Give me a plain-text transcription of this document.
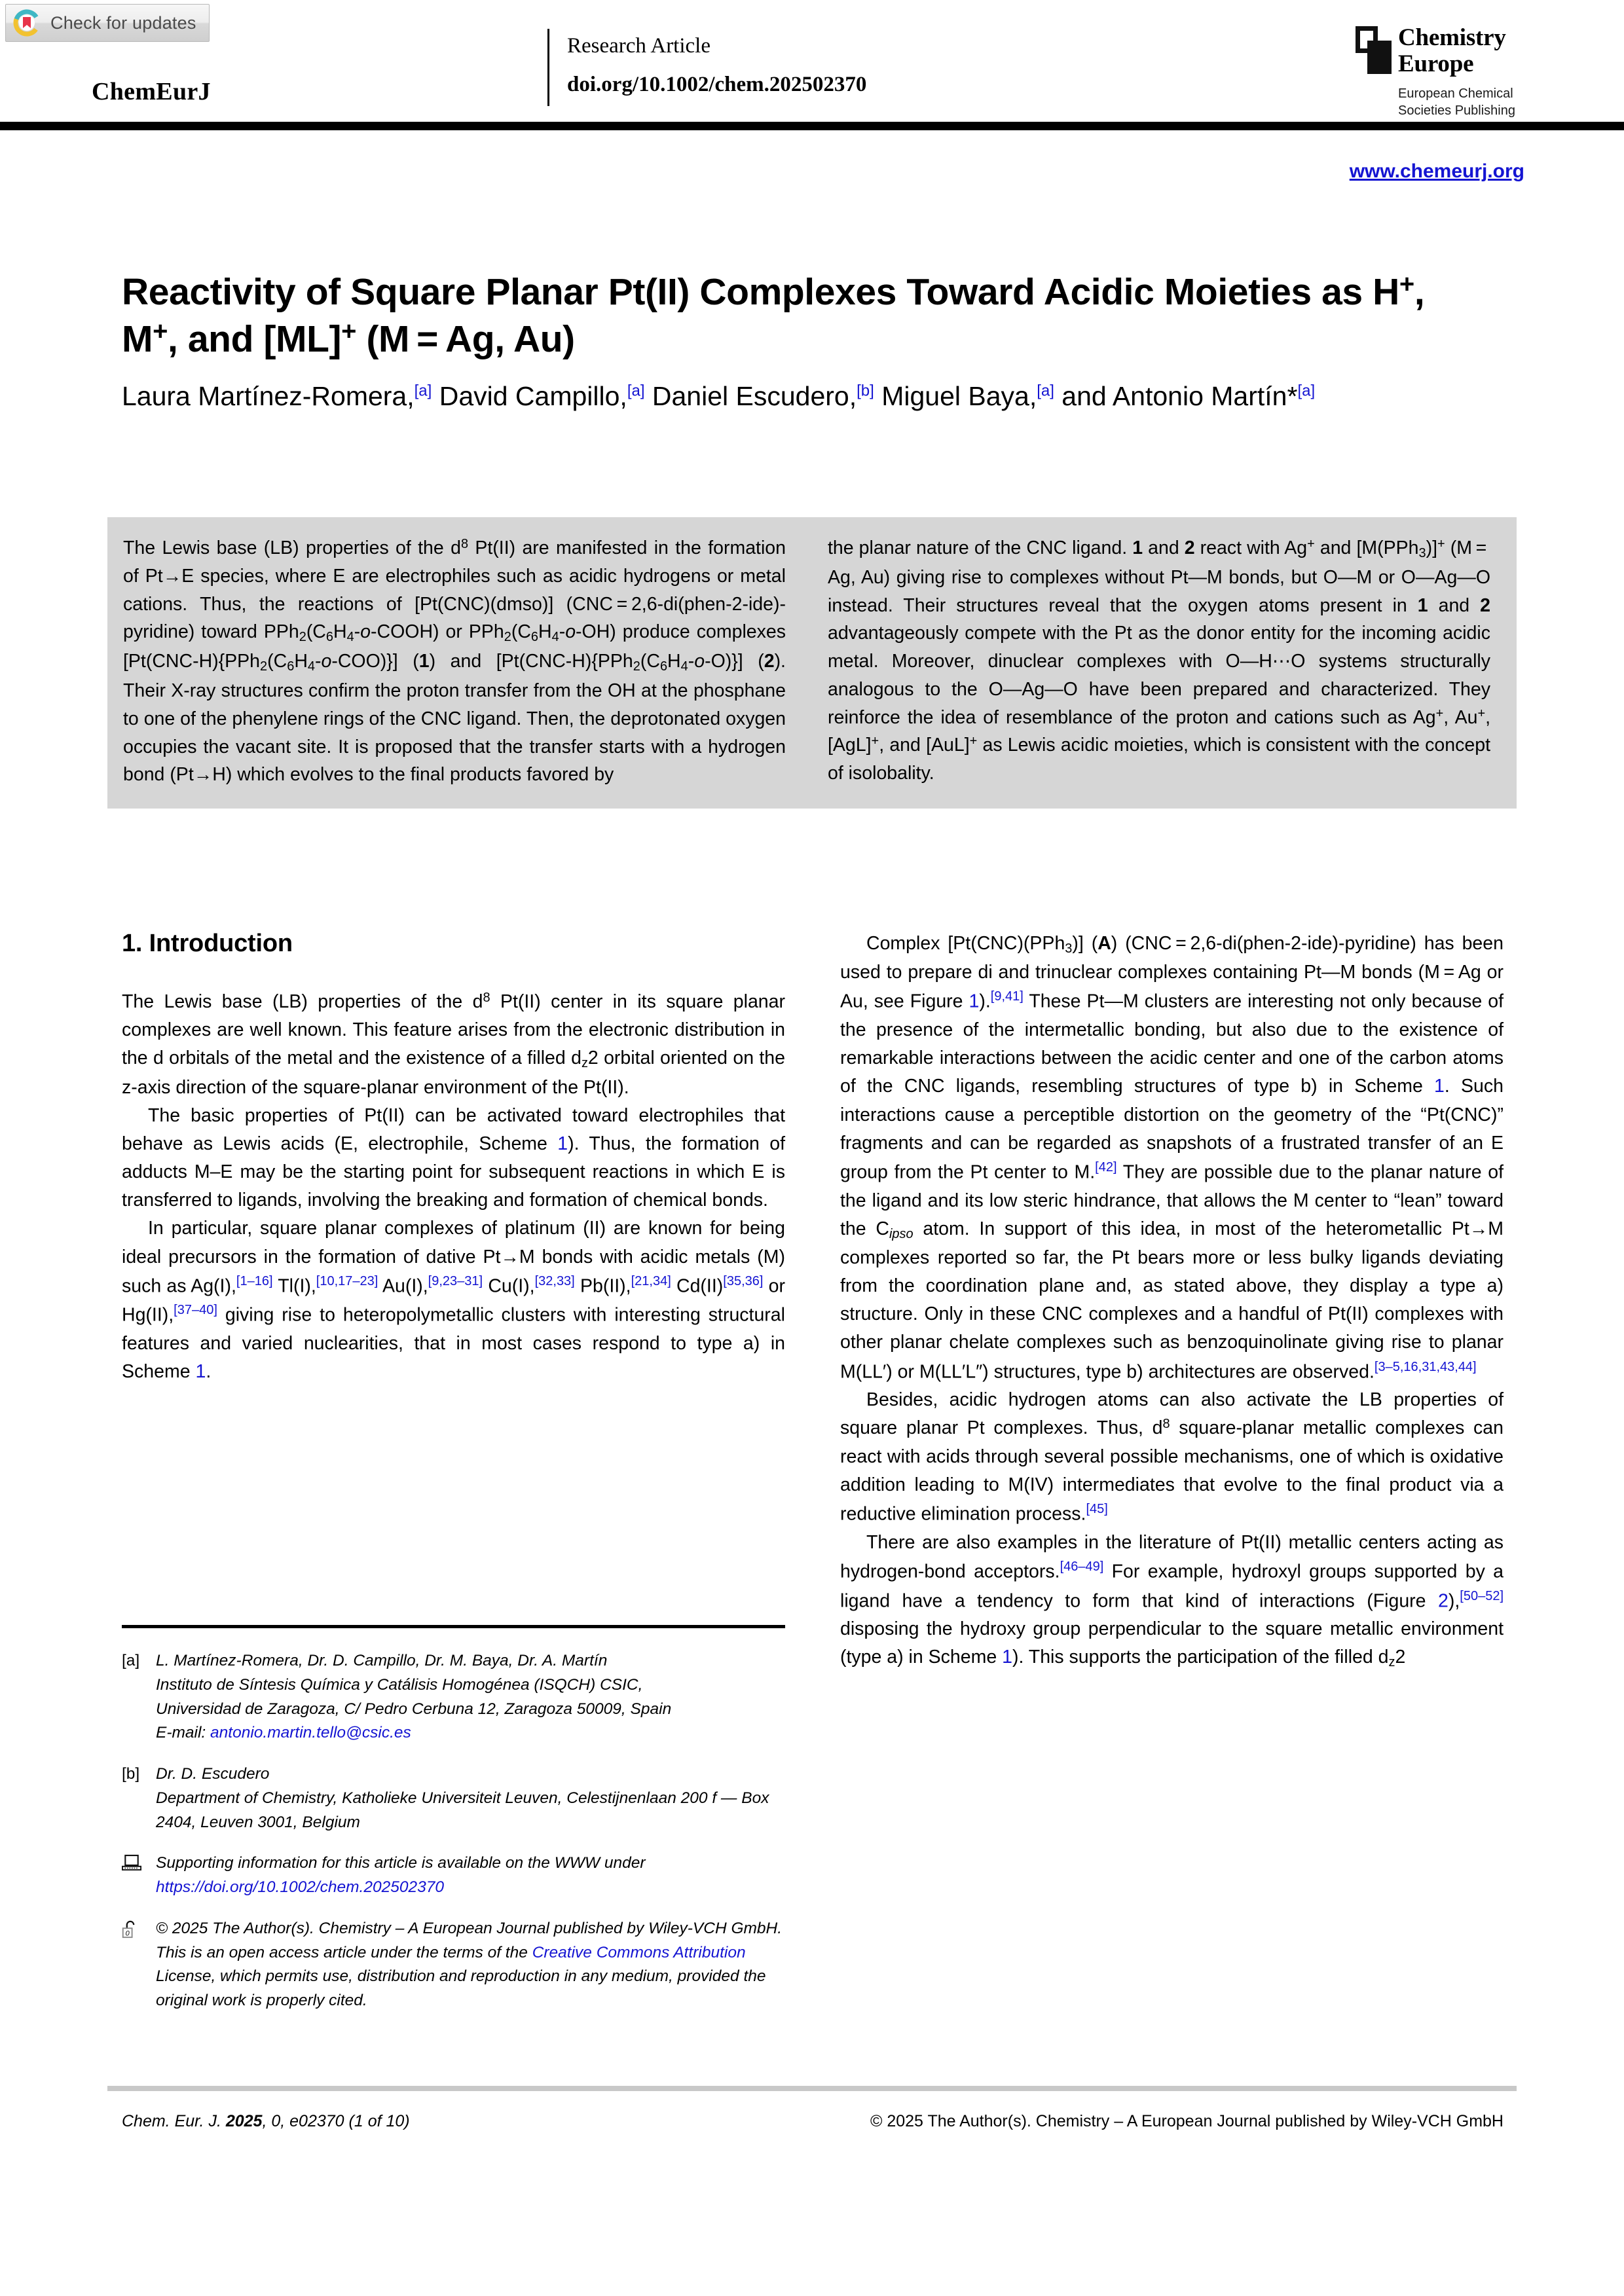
Check for updates
ChemEurJ
Research Article
doi.org/10.1002/chem.202502370
Chemistry
Europe
European Chemical
Societies Publishing
www.chemeurj.org
Reactivity of Square Planar Pt(II) Complexes Toward Acidic Moieties as H+, M+, and [ML]+ (M = Ag, Au)
Laura Martínez-Romera,[a] David Campillo,[a] Daniel Escudero,[b] Miguel Baya,[a] and Antonio Martín*[a]
The Lewis base (LB) properties of the $d^8$ Pt(II) are manifested in the formation of Pt→E species, where E are electrophiles such as acidic hydrogens or metal cations. Thus, the reactions of [Pt(CNC)(dmso)] (CNC = 2,6-di(phen-2-ide)-pyridine) toward $PPh_2(C_6H_4-o-COOH)$ or $PPh_2(C_6H_4-o-OH)$ produce complexes $[Pt(CNC-H)\{PPh_2(C_6H_4-o-COO)\}]$ (1) and $[Pt(CNC-H)\{PPh_2(C_6H_4-o-O)\}]$ (2). Their X-ray structures confirm the proton transfer from the OH at the phosphane to one of the phenylene rings of the CNC ligand. Then, the deprotonated oxygen occupies the vacant site. It is proposed that the transfer starts with a hydrogen bond (Pt→H) which evolves to the final products favored by
the planar nature of the CNC ligand. 1 and 2 react with Ag+ and [M(PPh$_3$)]+ (M = Ag, Au) giving rise to complexes without Pt—M bonds, but O—M or O—Ag—O instead. Their structures reveal that the oxygen atoms present in 1 and 2 advantageously compete with the Pt as the donor entity for the incoming acidic metal. Moreover, dinuclear complexes with O—H⋯O systems structurally analogous to the O—Ag—O have been prepared and characterized. They reinforce the idea of resemblance of the proton and cations such as Ag+, Au+, [AgL]+, and [AuL]+ as Lewis acidic moieties, which is consistent with the concept of isolobality.
1. Introduction

The Lewis base (LB) properties of the $d^8$ Pt(II) center in its square planar complexes are well known. This feature arises from the electronic distribution in the d orbitals of the metal and the existence of a filled $d_z2$ orbital oriented on the z-axis direction of the square-planar environment of the Pt(II).

The basic properties of Pt(II) can be activated toward electrophiles that behave as Lewis acids (E, electrophile, Scheme 1). Thus, the formation of adducts M–E may be the starting point for subsequent reactions in which E is transferred to ligands, involving the breaking and formation of chemical bonds.

In particular, square planar complexes of platinum (II) are known for being ideal precursors in the formation of dative Pt→M bonds with acidic metals (M) such as Ag(I),[1–16] Tl(I),[10,17–23] Au(I),[9,23–31] Cu(I),[32,33] Pb(II),[21,34] Cd(II)[35,36] or Hg(II),[37–40] giving rise to heteropolymetallic clusters with interesting structural features and varied nuclearities, that in most cases respond to type a) in Scheme 1.

Complex [Pt(CNC)(PPh$_3$)] (A) (CNC = 2,6-di(phen-2-ide)-pyridine) has been used to prepare di and trinuclear complexes containing Pt—M bonds (M = Ag or Au, see Figure 1).[9,41] These Pt—M clusters are interesting not only because of the presence of the intermetallic bonding, but also due to the existence of remarkable interactions between the acidic center and one of the carbon atoms of the CNC ligands, resembling structures of type b) in Scheme 1. Such interactions cause a perceptible distortion on the geometry of the “Pt(CNC)” fragments and can be regarded as snapshots of a frustrated transfer of an E group from the Pt center to M.[42] They are possible due to the planar nature of the ligand and its low steric hindrance, that allows the M center to “lean” toward the $C_{ipso}$ atom. In support of this idea, in most of the heterometallic Pt→M complexes reported so far, the Pt bears more or less bulky ligands deviating from the coordination plane and, as stated above, they display a type a) structure. Only in these CNC complexes and a handful of Pt(II) complexes with other planar chelate complexes such as benzoquinolinate giving rise to planar M(LL′) or M(LL′L″) structures, type b) architectures are observed.[3–5,16,31,43,44]

Besides, acidic hydrogen atoms can also activate the LB properties of square planar Pt complexes. Thus, $d^8$ square-planar metallic complexes can react with acids through several possible mechanisms, one of which is oxidative addition leading to M(IV) intermediates that evolve to the final product via a reductive elimination process.[45]

There are also examples in the literature of Pt(II) metallic centers acting as hydrogen-bond acceptors.[46–49] For example, hydroxyl groups supported by a ligand have a tendency to form that kind of interactions (Figure 2),[50–52] disposing the hydroxy group perpendicular to the square metallic environment (type a) in Scheme 1). This supports the participation of the filled $d_z2$

[a]	L. Martínez-Romera, Dr. D. Campillo, Dr. M. Baya, Dr. A. Martín
Instituto de Síntesis Química y Catálisis Homogénea (ISQCH) CSIC,
Universidad de Zaragoza, C/ Pedro Cerbuna 12, Zaragoza 50009, Spain
E-mail: antonio.martin.tello@csic.es
[b]	Dr. D. Escudero
Department of Chemistry, Katholieke Universiteit Leuven, Celestijnenlaan 200 f — Box 2404, Leuven 3001, Belgium
Supporting information for this article is available on the WWW under
https://doi.org/10.1002/chem.202502370
0 © 2025 The Author(s). Chemistry – A European Journal published by Wiley-VCH GmbH. This is an open access article under the terms of the Creative Commons Attribution License, which permits use, distribution and reproduction in any medium, provided the original work is properly cited.
Chem. Eur. J. 2025, 0, e02370 (1 of 10)	© 2025 The Author(s). Chemistry – A European Journal published by Wiley-VCH GmbH
